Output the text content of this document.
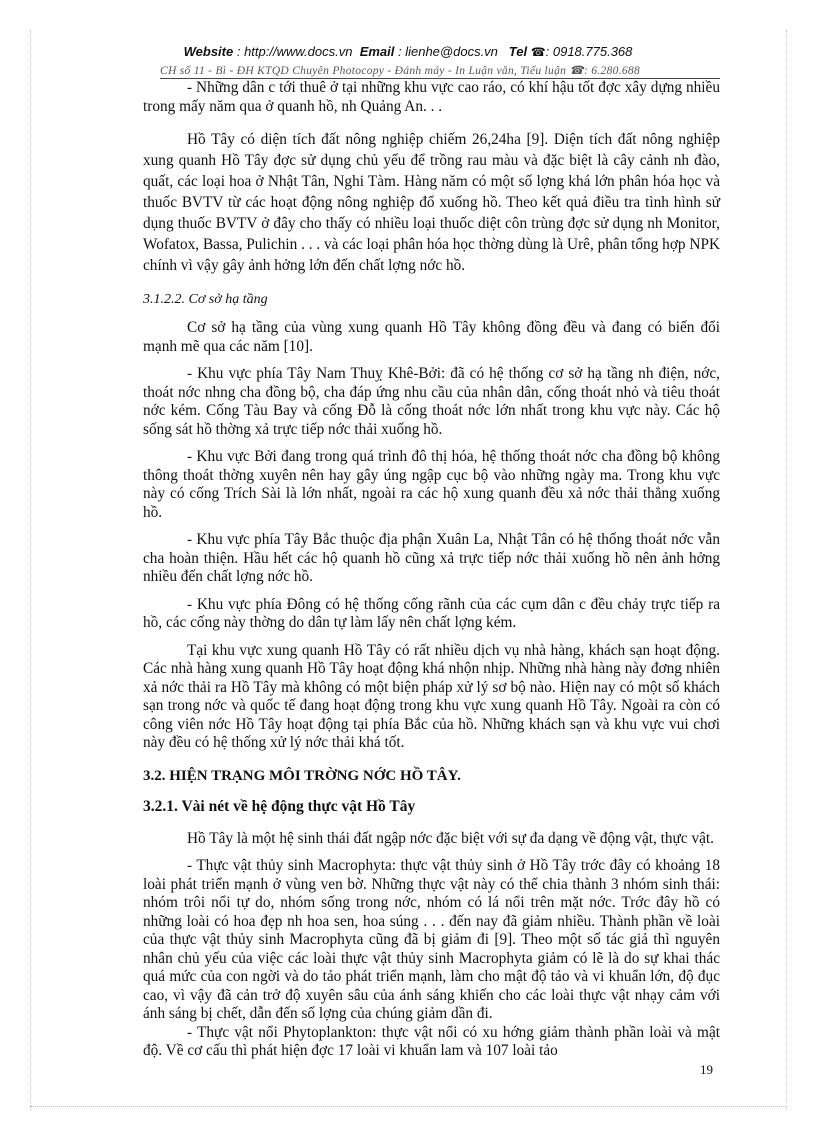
Website : http://www.docs.vn Email : lienhe@docs.vn Tel ☎: 0918.775.368
CH số 11 - Bì - ĐH KTQD Chuyên Photocopy - Đánh máy - In Luận văn, Tiểu luận ☎: 6.280.688

- Những dân c tới thuê ở tại những khu vực cao ráo, có khí hậu tốt đợc xây dựng nhiều trong mấy năm qua ở quanh hồ, nh Quảng An. . .

Hồ Tây có diện tích đất nông nghiệp chiếm 26,24ha [9]. Diện tích đất nông nghiệp xung quanh Hồ Tây đợc sử dụng chủ yếu để trồng rau màu và đặc biệt là cây cảnh nh đào, quất, các loại hoa ở Nhật Tân, Nghi Tàm. Hàng năm có một số lợng khá lớn phân hóa học và thuốc BVTV từ các hoạt động nông nghiệp đổ xuống hồ. Theo kết quả điều tra tình hình sử dụng thuốc BVTV ở đây cho thấy có nhiều loại thuốc diệt côn trùng đợc sử dụng nh Monitor, Wofatox, Bassa, Pulichin . . . và các loại phân hóa học thờng dùng là Urê, phân tổng hợp NPK chính vì vậy gây ảnh hởng lớn đến chất lợng nớc hồ.

3.1.2.2. Cơ sở hạ tầng

Cơ sở hạ tầng của vùng xung quanh Hồ Tây không đồng đều và đang có biến đổi mạnh mẽ qua các năm [10].

- Khu vực phía Tây Nam Thuỵ Khê-Bởi: đã có hệ thống cơ sở hạ tầng nh điện, nớc, thoát nớc nhng cha đồng bộ, cha đáp ứng nhu cầu của nhân dân, cống thoát nhỏ và tiêu thoát nớc kém. Cống Tàu Bay và cống Đỗ là cống thoát nớc lớn nhất trong khu vực này. Các hộ sống sát hồ thờng xả trực tiếp nớc thải xuống hồ.

- Khu vực Bởi đang trong quá trình đô thị hóa, hệ thống thoát nớc cha đồng bộ không thông thoát thờng xuyên nên hay gây úng ngập cục bộ vào những ngày ma. Trong khu vực này có cống Trích Sài là lớn nhất, ngoài ra các hộ xung quanh đều xả nớc thải thẳng xuống hồ.

- Khu vực phía Tây Bắc thuộc địa phận Xuân La, Nhật Tân có hệ thống thoát nớc vẫn cha hoàn thiện. Hầu hết các hộ quanh hồ cũng xả trực tiếp nớc thải xuống hồ nên ảnh hởng nhiều đến chất lợng nớc hồ.

- Khu vực phía Đông có hệ thống cống rãnh của các cụm dân c đều chảy trực tiếp ra hồ, các cống này thờng do dân tự làm lấy nên chất lợng kém.

Tại khu vực xung quanh Hồ Tây có rất nhiều dịch vụ nhà hàng, khách sạn hoạt động. Các nhà hàng xung quanh Hồ Tây hoạt động khá nhộn nhịp. Những nhà hàng này đơng nhiên xả nớc thải ra Hồ Tây mà không có một biện pháp xử lý sơ bộ nào. Hiện nay có một số khách sạn trong nớc và quốc tế đang hoạt động trong khu vực xung quanh Hồ Tây. Ngoài ra còn có công viên nớc Hồ Tây hoạt động tại phía Bắc của hồ. Những khách sạn và khu vực vui chơi này đều có hệ thống xử lý nớc thải khá tốt.

3.2. HIỆN TRẠNG MÔI TRỜNG NỚC HỒ TÂY.

3.2.1. Vài nét về hệ động thực vật Hồ Tây

Hồ Tây là một hệ sinh thái đất ngập nớc đặc biệt với sự đa dạng về động vật, thực vật.

- Thực vật thủy sinh Macrophyta: thực vật thủy sinh ở Hồ Tây trớc đây có khoảng 18 loài phát triển mạnh ở vùng ven bờ. Những thực vật này có thể chia thành 3 nhóm sinh thái: nhóm trôi nổi tự do, nhóm sống trong nớc, nhóm có lá nổi trên mặt nớc. Trớc đây hồ có những loài có hoa đẹp nh hoa sen, hoa súng . . . đến nay đã giảm nhiều. Thành phần về loài của thực vật thủy sinh Macrophyta cũng đã bị giảm đi [9]. Theo một số tác giả thì nguyên nhân chủ yếu của việc các loài thực vật thủy sinh Macrophyta giảm có lẽ là do sự khai thác quá mức của con ngời và do tảo phát triển mạnh, làm cho mật độ tảo và vi khuẩn lớn, độ đục cao, vì vậy đã cản trở độ xuyên sâu của ánh sáng khiến cho các loài thực vật nhạy cảm với ánh sáng bị chết, dẫn đến số lợng của chúng giảm dần đi.

- Thực vật nổi Phytoplankton: thực vật nổi có xu hớng giảm thành phần loài và mật độ. Về cơ cấu thì phát hiện đợc 17 loài vi khuẩn lam và 107 loài tảo

19
